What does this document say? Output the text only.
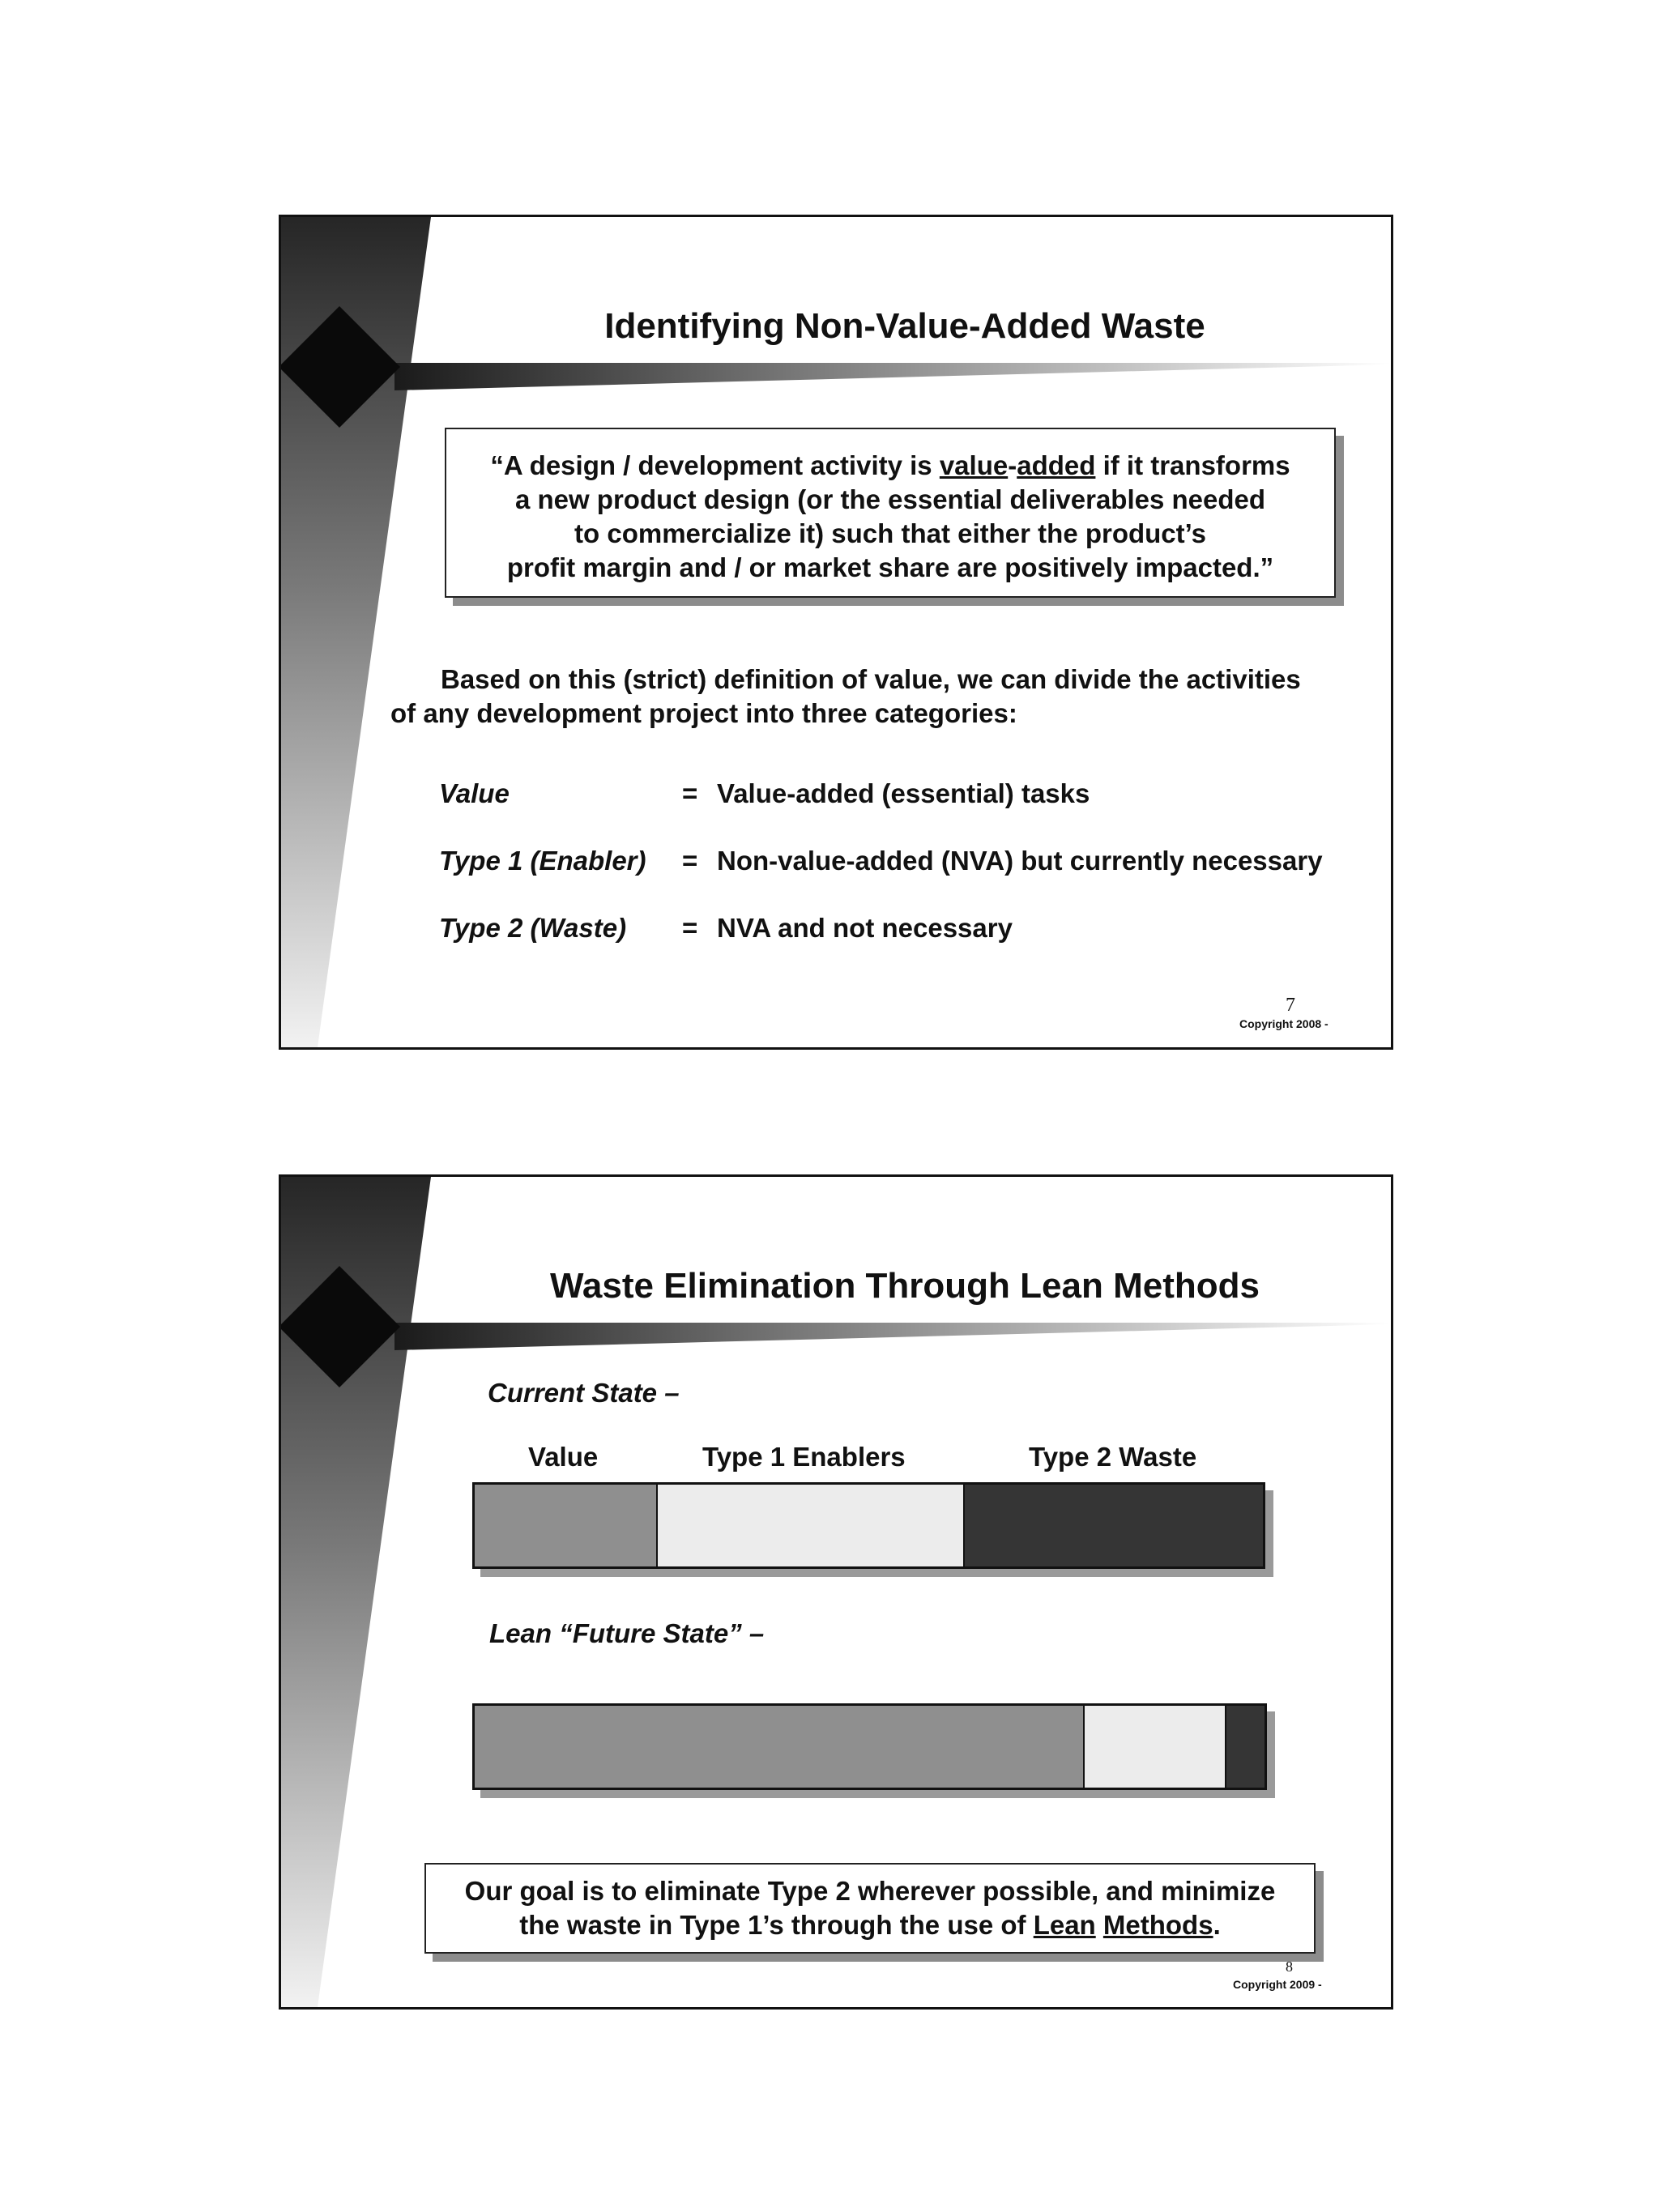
Identifying Non-Value-Added Waste

“A design / development activity is value-added if it transforms

a new product design (or the essential deliverables needed

to commercialize it) such that either the product’s

profit margin and / or market share are positively impacted.”

Based on this (strict) definition of value, we can divide the activities

of any development project into three categories:

Value	= Value-added (essential) tasks
Type 1 (Enabler) = Non-value-added (NVA) but currently necessary
Type 2 (Waste) = NVA and not necessary
7
Copyright 2008 -
Waste Elimination Through Lean Methods
Current State –
Value	Type 1 Enablers	Type 2 Waste
Lean “Future State” –

Our goal is to eliminate Type 2 wherever possible, and minimize

the waste in Type 1’s through the use of Lean Methods.

8
Copyright 2009 -
